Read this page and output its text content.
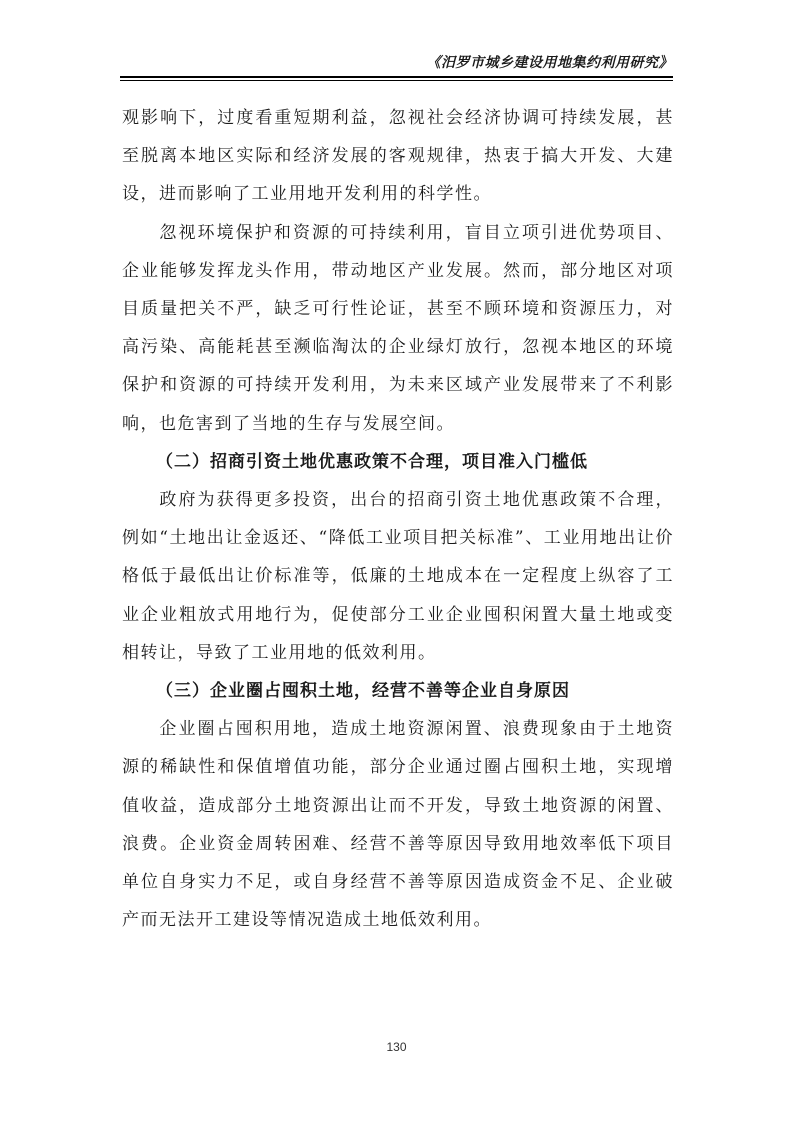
《汨罗市城乡建设用地集约利用研究》

观影响下，过度看重短期利益，忽视社会经济协调可持续发展，甚至脱离本地区实际和经济发展的客观规律，热衷于搞大开发、大建设，进而影响了工业用地开发利用的科学性。

忽视环境保护和资源的可持续利用，盲目立项引进优势项目、企业能够发挥龙头作用，带动地区产业发展。然而，部分地区对项目质量把关不严，缺乏可行性论证，甚至不顾环境和资源压力，对高污染、高能耗甚至濒临淘汰的企业绿灯放行，忽视本地区的环境保护和资源的可持续开发利用，为未来区域产业发展带来了不利影响，也危害到了当地的生存与发展空间。

（二）招商引资土地优惠政策不合理，项目准入门槛低

政府为获得更多投资，出台的招商引资土地优惠政策不合理，例如“土地出让金返还、“降低工业项目把关标准”、工业用地出让价格低于最低出让价标准等，低廉的土地成本在一定程度上纵容了工业企业粗放式用地行为，促使部分工业企业囤积闲置大量土地或变相转让，导致了工业用地的低效利用。

（三）企业圈占囤积土地，经营不善等企业自身原因

企业圈占囤积用地，造成土地资源闲置、浪费现象由于土地资源的稀缺性和保值增值功能，部分企业通过圈占囤积土地，实现增值收益，造成部分土地资源出让而不开发，导致土地资源的闲置、浪费。企业资金周转困难、经营不善等原因导致用地效率低下项目单位自身实力不足，或自身经营不善等原因造成资金不足、企业破产而无法开工建设等情况造成土地低效利用。

130
